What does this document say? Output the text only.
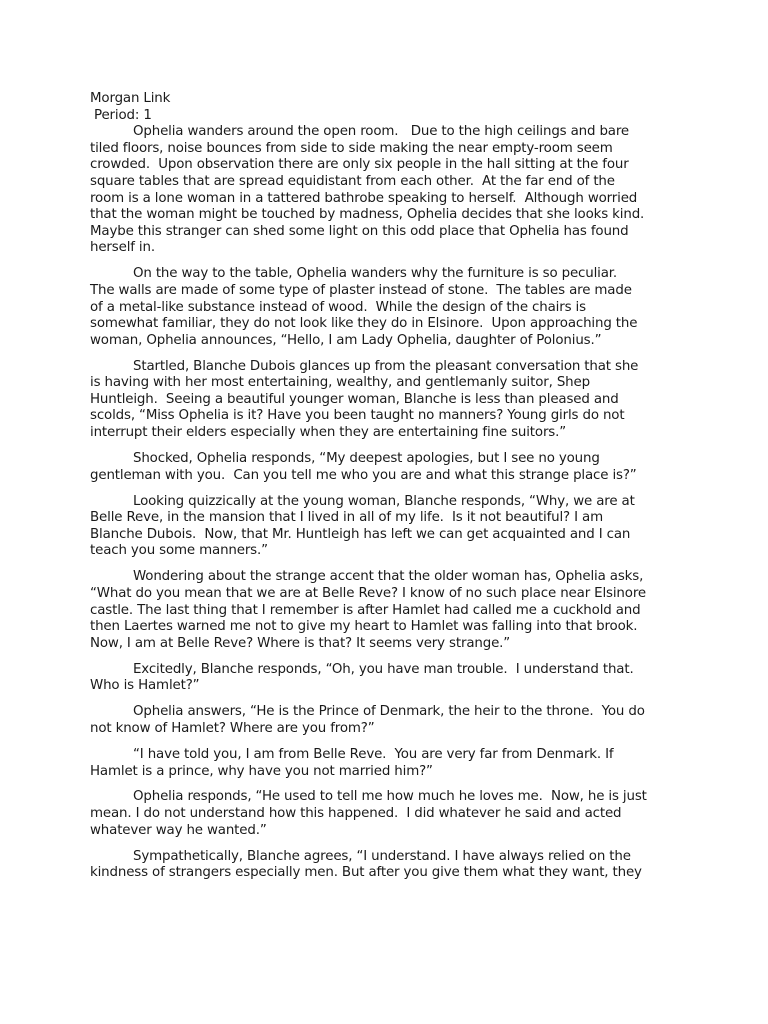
Morgan Link
Period: 1
Ophelia wanders around the open room.   Due to the high ceilings and bare
tiled floors, noise bounces from side to side making the near empty-room seem
crowded.  Upon observation there are only six people in the hall sitting at the four
square tables that are spread equidistant from each other.  At the far end of the
room is a lone woman in a tattered bathrobe speaking to herself.  Although worried
that the woman might be touched by madness, Ophelia decides that she looks kind.
Maybe this stranger can shed some light on this odd place that Ophelia has found
herself in.
On the way to the table, Ophelia wanders why the furniture is so peculiar.
The walls are made of some type of plaster instead of stone.  The tables are made
of a metal-like substance instead of wood.  While the design of the chairs is
somewhat familiar, they do not look like they do in Elsinore.  Upon approaching the
woman, Ophelia announces, “Hello, I am Lady Ophelia, daughter of Polonius.”
Startled, Blanche Dubois glances up from the pleasant conversation that she
is having with her most entertaining, wealthy, and gentlemanly suitor, Shep
Huntleigh.  Seeing a beautiful younger woman, Blanche is less than pleased and
scolds, “Miss Ophelia is it? Have you been taught no manners? Young girls do not
interrupt their elders especially when they are entertaining fine suitors.”
Shocked, Ophelia responds, “My deepest apologies, but I see no young
gentleman with you.  Can you tell me who you are and what this strange place is?”
Looking quizzically at the young woman, Blanche responds, “Why, we are at
Belle Reve, in the mansion that I lived in all of my life.  Is it not beautiful? I am
Blanche Dubois.  Now, that Mr. Huntleigh has left we can get acquainted and I can
teach you some manners.”
Wondering about the strange accent that the older woman has, Ophelia asks,
“What do you mean that we are at Belle Reve? I know of no such place near Elsinore
castle. The last thing that I remember is after Hamlet had called me a cuckhold and
then Laertes warned me not to give my heart to Hamlet was falling into that brook.
Now, I am at Belle Reve? Where is that? It seems very strange.”
Excitedly, Blanche responds, “Oh, you have man trouble.  I understand that.
Who is Hamlet?”
Ophelia answers, “He is the Prince of Denmark, the heir to the throne.  You do
not know of Hamlet? Where are you from?”
“I have told you, I am from Belle Reve.  You are very far from Denmark. If
Hamlet is a prince, why have you not married him?”
Ophelia responds, “He used to tell me how much he loves me.  Now, he is just
mean. I do not understand how this happened.  I did whatever he said and acted
whatever way he wanted.”
Sympathetically, Blanche agrees, “I understand. I have always relied on the
kindness of strangers especially men. But after you give them what they want, they
